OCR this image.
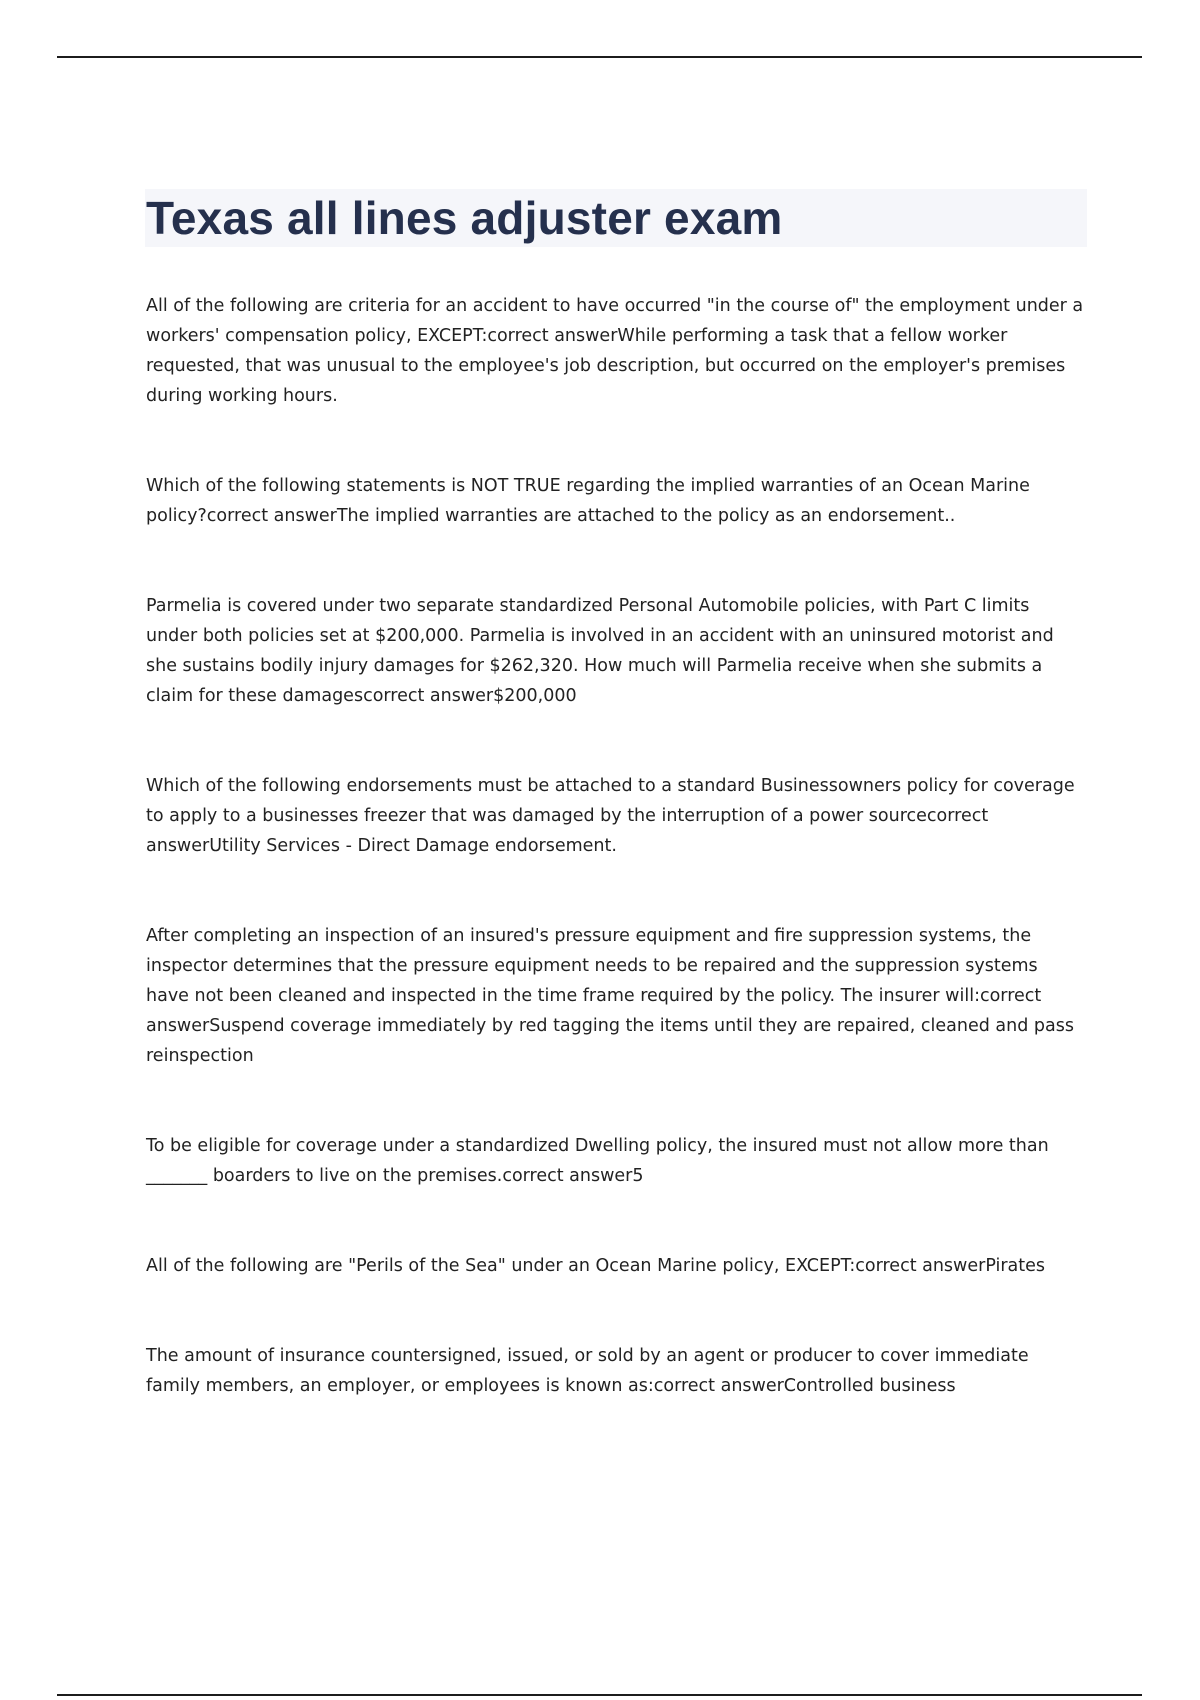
Texas all lines adjuster exam

All of the following are criteria for an accident to have occurred "in the course of" the employment under a workers' compensation policy, EXCEPT:correct answerWhile performing a task that a fellow worker requested, that was unusual to the employee's job description, but occurred on the employer's premises during working hours.

Which of the following statements is NOT TRUE regarding the implied warranties of an Ocean Marine policy?correct answerThe implied warranties are attached to the policy as an endorsement..

Parmelia is covered under two separate standardized Personal Automobile policies, with Part C limits under both policies set at $200,000. Parmelia is involved in an accident with an uninsured motorist and she sustains bodily injury damages for $262,320. How much will Parmelia receive when she submits a claim for these damagescorrect answer$200,000

Which of the following endorsements must be attached to a standard Businessowners policy for coverage to apply to a businesses freezer that was damaged by the interruption of a power sourcecorrect answerUtility Services - Direct Damage endorsement.

After completing an inspection of an insured's pressure equipment and fire suppression systems, the inspector determines that the pressure equipment needs to be repaired and the suppression systems have not been cleaned and inspected in the time frame required by the policy. The insurer will:correct answerSuspend coverage immediately by red tagging the items until they are repaired, cleaned and pass reinspection

To be eligible for coverage under a standardized Dwelling policy, the insured must not allow more than _______ boarders to live on the premises.correct answer5

All of the following are "Perils of the Sea" under an Ocean Marine policy, EXCEPT:correct answerPirates

The amount of insurance countersigned, issued, or sold by an agent or producer to cover immediate family members, an employer, or employees is known as:correct answerControlled business
